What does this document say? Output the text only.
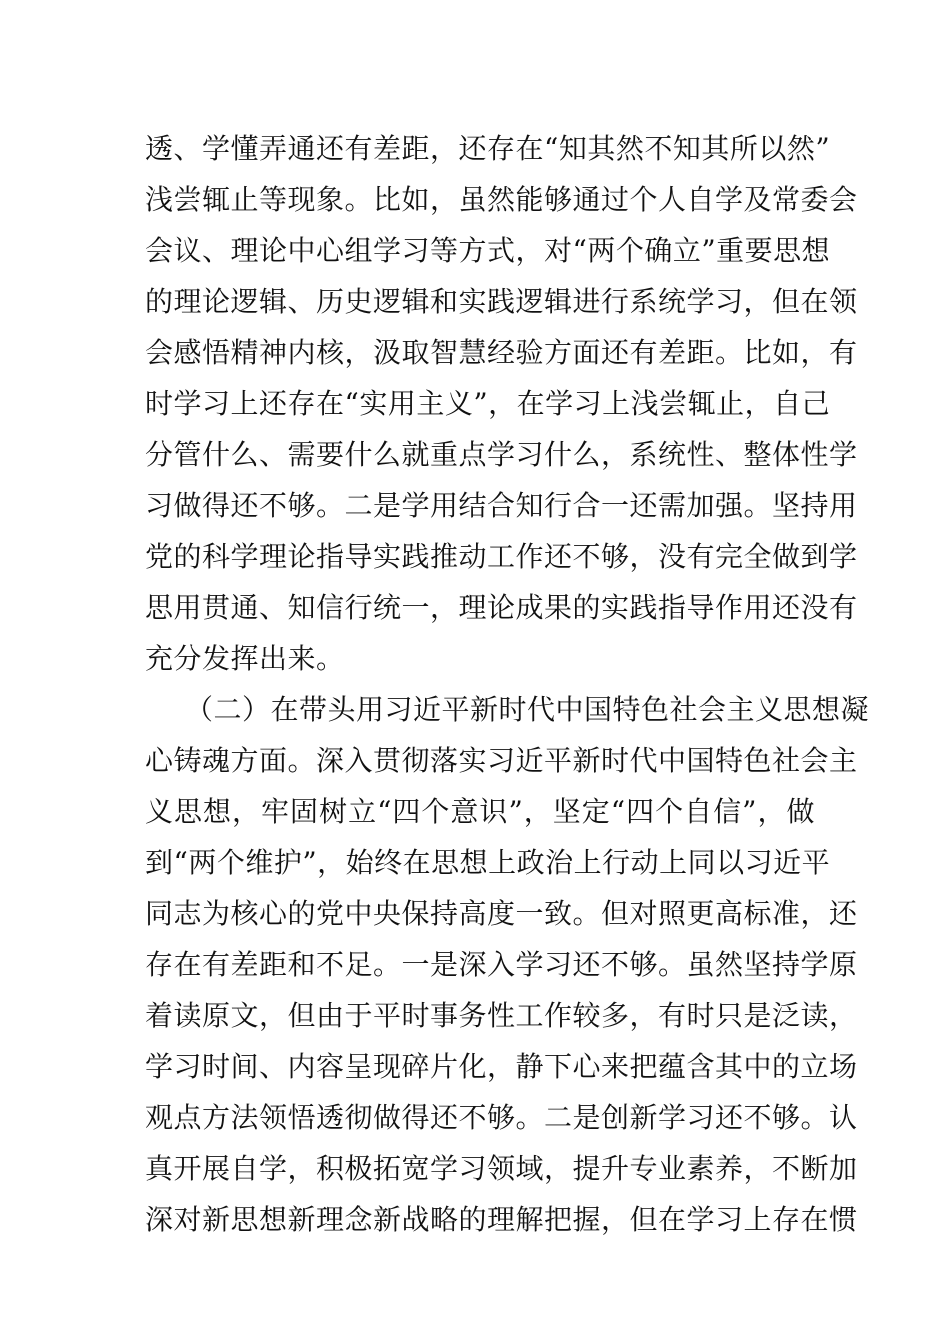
透、学懂弄通还有差距，还存在“知其然不知其所以然”
浅尝辄止等现象。比如，虽然能够通过个人自学及常委会
会议、理论中心组学习等方式，对“两个确立”重要思想
的理论逻辑、历史逻辑和实践逻辑进行系统学习，但在领
会感悟精神内核，汲取智慧经验方面还有差距。比如，有
时学习上还存在“实用主义”，在学习上浅尝辄止，自己
分管什么、需要什么就重点学习什么，系统性、整体性学
习做得还不够。二是学用结合知行合一还需加强。坚持用
党的科学理论指导实践推动工作还不够，没有完全做到学
思用贯通、知信行统一，理论成果的实践指导作用还没有
充分发挥出来。
（二）在带头用习近平新时代中国特色社会主义思想凝
心铸魂方面。深入贯彻落实习近平新时代中国特色社会主
义思想，牢固树立“四个意识”，坚定“四个自信”，做
到“两个维护”，始终在思想上政治上行动上同以习近平
同志为核心的党中央保持高度一致。但对照更高标准，还
存在有差距和不足。一是深入学习还不够。虽然坚持学原
着读原文，但由于平时事务性工作较多，有时只是泛读，
学习时间、内容呈现碎片化，静下心来把蕴含其中的立场
观点方法领悟透彻做得还不够。二是创新学习还不够。认
真开展自学，积极拓宽学习领域，提升专业素养，不断加
深对新思想新理念新战略的理解把握，但在学习上存在惯
